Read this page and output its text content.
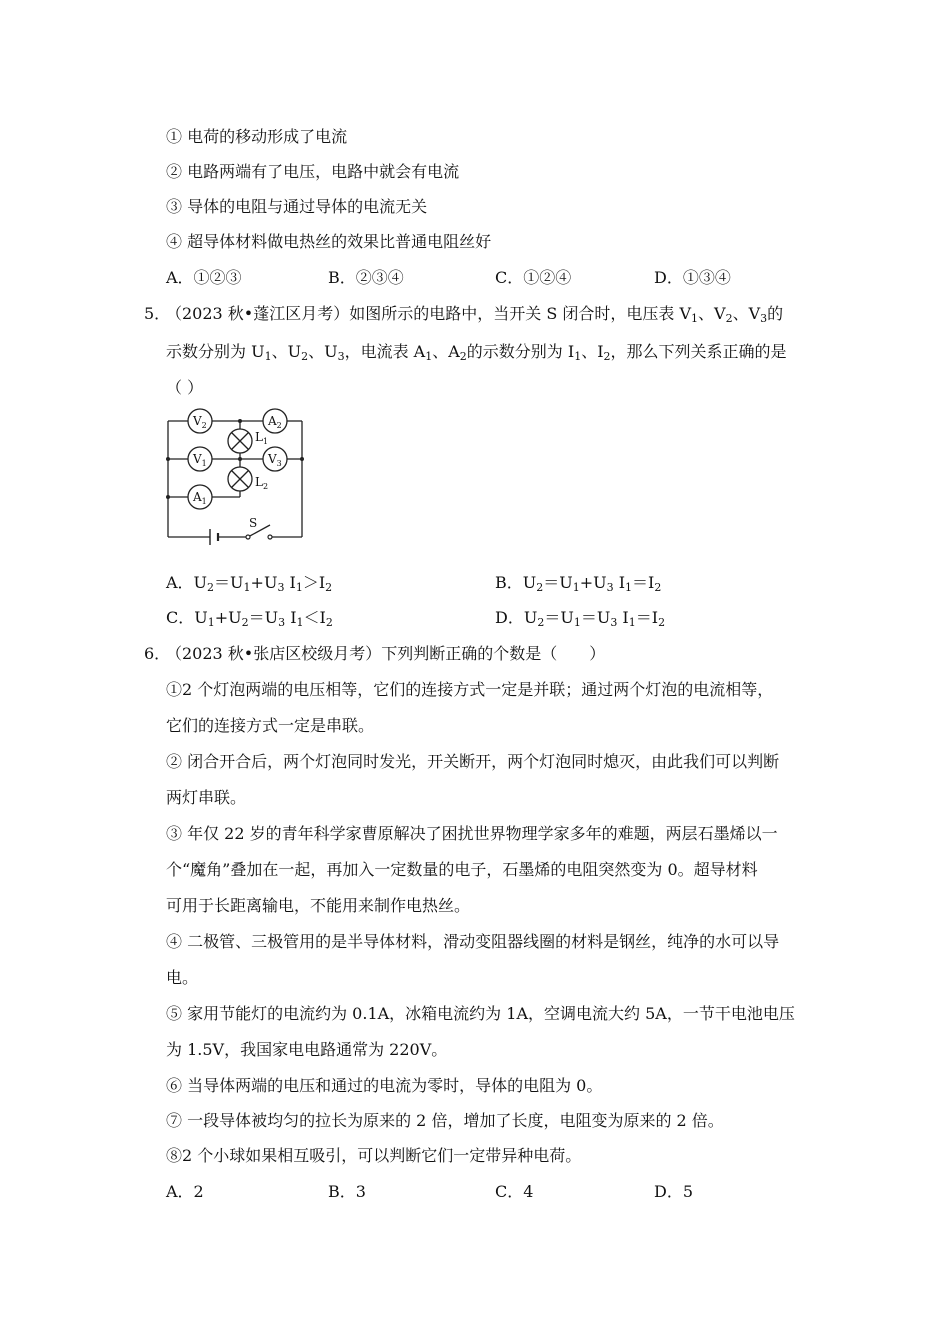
① 电荷的移动形成了电流
② 电路两端有了电压，电路中就会有电流
③ 导体的电阻与通过导体的电流无关
④ 超导体材料做电热丝的效果比普通电阻丝好
A．①②③	B．②③④	C．①②④	D．①③④
5．
（2023 秋•蓬江区月考）如图所示的电路中，当开关 S 闭合时，电压表 $V_1$、$V_2$、$V_3$的
示数分别为 $U_1$、$U_2$、$U_3$，电流表 $A_1$、$A_2$的示数分别为 $I_1$、$I_2$，那么下列关系正确的是
（ ）
$V_2$	$A_2$
$V_1$	$V_3$
$A_1$
$L_1$
$L_2$
S
A．$U_2=U_1+U_3$ $I_1>I_2$	B．$U_2=U_1+U_3$ $I_1=I_2$
C．$U_1+U_2=U_3$ $I_1<I_2$	D．$U_2=U_1=U_3$ $I_1=I_2$
6．
（2023 秋•张店区校级月考）下列判断正确的个数是（　　）
①2 个灯泡两端的电压相等，它们的连接方式一定是并联；通过两个灯泡的电流相等，
它们的连接方式一定是串联。
② 闭合开合后，两个灯泡同时发光，开关断开，两个灯泡同时熄灭，由此我们可以判断
两灯串联。
③ 年仅 22 岁的青年科学家曹原解决了困扰世界物理学家多年的难题，两层石墨烯以一
个“魔角”叠加在一起，再加入一定数量的电子，石墨烯的电阻突然变为 0。超导材料
可用于长距离输电，不能用来制作电热丝。
④ 二极管、三极管用的是半导体材料，滑动变阻器线圈的材料是钢丝，纯净的水可以导
电。
⑤ 家用节能灯的电流约为 0.1A，冰箱电流约为 1A，空调电流大约 5A，一节干电池电压
为 1.5V，我国家电电路通常为 220V。
⑥ 当导体两端的电压和通过的电流为零时，导体的电阻为 0。
⑦ 一段导体被均匀的拉长为原来的 2 倍，增加了长度，电阻变为原来的 2 倍。
⑧2 个小球如果相互吸引，可以判断它们一定带异种电荷。
A．2	B．3	C．4	D．5
